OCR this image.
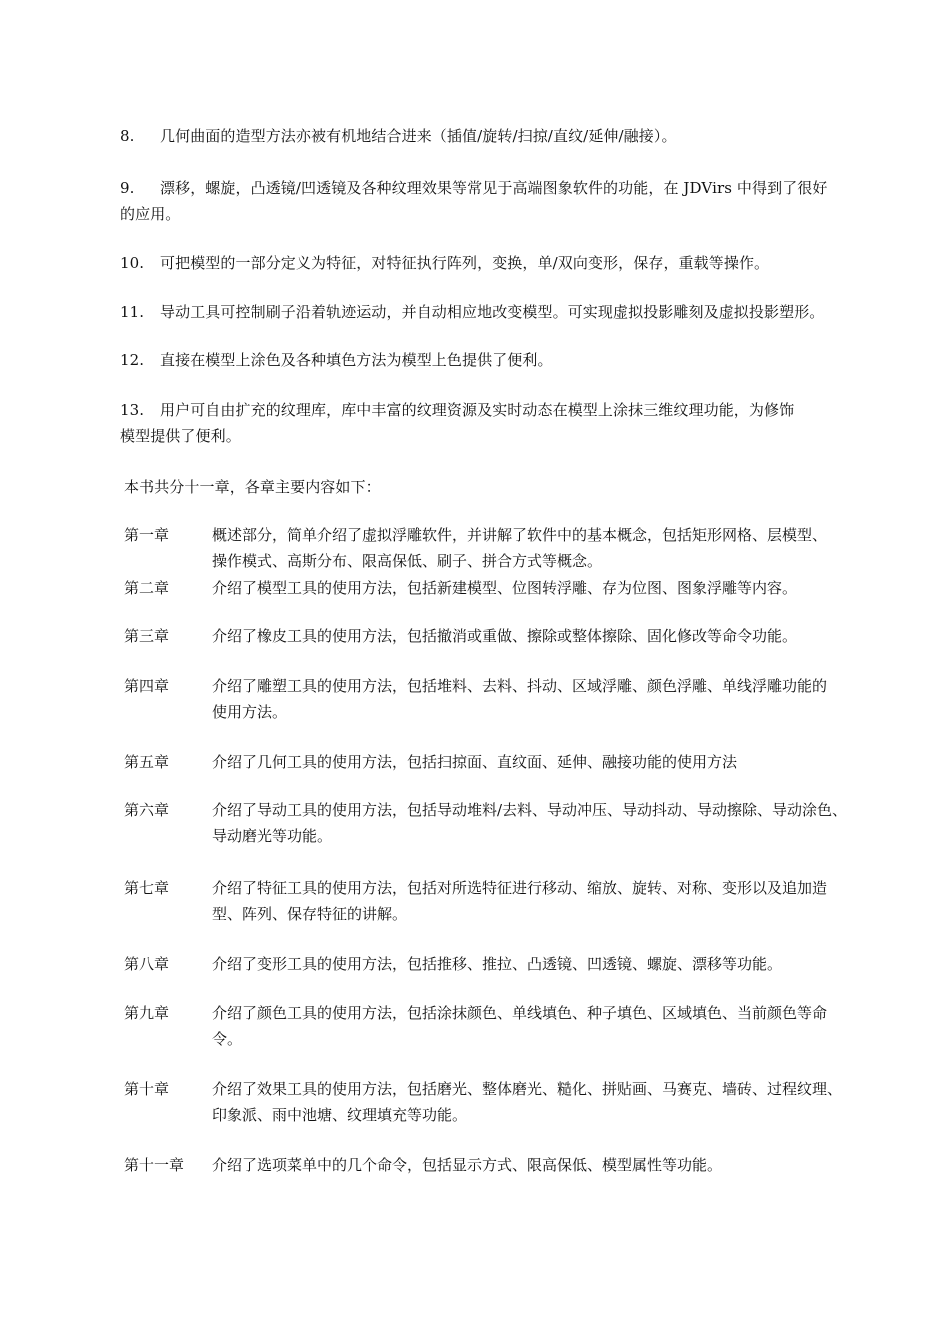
8. 几何曲面的造型方法亦被有机地结合进来（插值/旋转/扫掠/直纹/延伸/融接）。
9. 漂移，螺旋，凸透镜/凹透镜及各种纹理效果等常见于高端图象软件的功能，在 JDVirs 中得到了很好
的应用。
10. 可把模型的一部分定义为特征，对特征执行阵列，变换，单/双向变形，保存，重载等操作。
11. 导动工具可控制刷子沿着轨迹运动，并自动相应地改变模型。可实现虚拟投影雕刻及虚拟投影塑形。
12. 直接在模型上涂色及各种填色方法为模型上色提供了便利。
13. 用户可自由扩充的纹理库，库中丰富的纹理资源及实时动态在模型上涂抹三维纹理功能，为修饰
模型提供了便利。
本书共分十一章，各章主要内容如下：
第一章	概述部分，简单介绍了虚拟浮雕软件，并讲解了软件中的基本概念，包括矩形网格、层模型、
操作模式、高斯分布、限高保低、刷子、拼合方式等概念。
第二章	介绍了模型工具的使用方法，包括新建模型、位图转浮雕、存为位图、图象浮雕等内容。
第三章	介绍了橡皮工具的使用方法，包括撤消或重做、擦除或整体擦除、固化修改等命令功能。
第四章	介绍了雕塑工具的使用方法，包括堆料、去料、抖动、区域浮雕、颜色浮雕、单线浮雕功能的
使用方法。
第五章	介绍了几何工具的使用方法，包括扫掠面、直纹面、延伸、融接功能的使用方法
第六章	介绍了导动工具的使用方法，包括导动堆料/去料、导动冲压、导动抖动、导动擦除、导动涂色、
导动磨光等功能。
第七章	介绍了特征工具的使用方法，包括对所选特征进行移动、缩放、旋转、对称、变形以及追加造
型、阵列、保存特征的讲解。
第八章	介绍了变形工具的使用方法，包括推移、推拉、凸透镜、凹透镜、螺旋、漂移等功能。
第九章	介绍了颜色工具的使用方法，包括涂抹颜色、单线填色、种子填色、区域填色、当前颜色等命
令。
第十章	介绍了效果工具的使用方法，包括磨光、整体磨光、糙化、拼贴画、马赛克、墙砖、过程纹理、
印象派、雨中池塘、纹理填充等功能。
第十一章 介绍了选项菜单中的几个命令，包括显示方式、限高保低、模型属性等功能。
